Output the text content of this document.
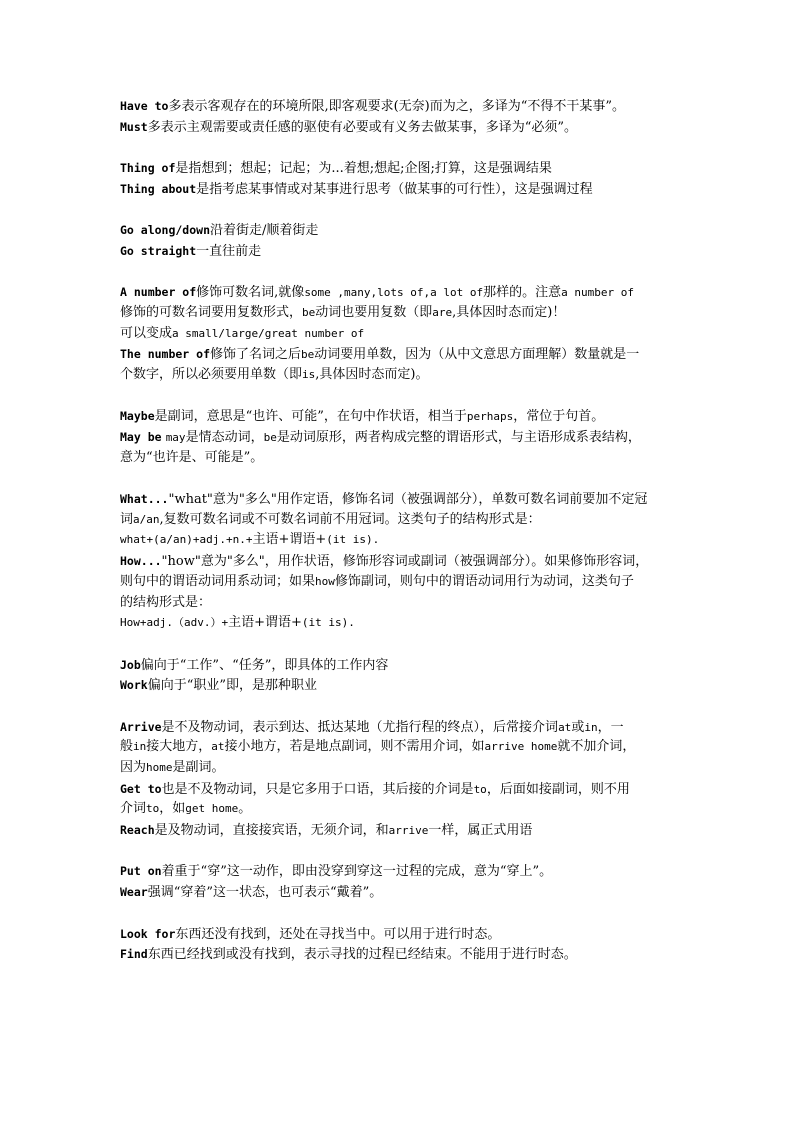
Have to多表示客观存在的环境所限,即客观要求(无奈)而为之，多译为“不得不干某事”。
Must多表示主观需要或责任感的驱使有必要或有义务去做某事，多译为“必须”。
Thing of是指想到；想起；记起；为...着想;想起;企图;打算，这是强调结果
Thing about是指考虑某事情或对某事进行思考（做某事的可行性），这是强调过程
Go along/down沿着街走/顺着街走
Go straight一直往前走
A number of修饰可数名词,就像some ,many,lots of,a lot of那样的。注意a number of
修饰的可数名词要用复数形式，be动词也要用复数（即are,具体因时态而定)！
可以变成a small/large/great number of
The number of修饰了名词之后be动词要用单数，因为（从中文意思方面理解）数量就是一
个数字，所以必须要用单数（即is,具体因时态而定)。
Maybe是副词，意思是“也许、可能”，在句中作状语，相当于perhaps，常位于句首。
May be may是情态动词，be是动词原形，两者构成完整的谓语形式，与主语形成系表结构，
意为“也许是、可能是”。
What..."what"意为"多么"用作定语，修饰名词（被强调部分），单数可数名词前要加不定冠
词a/an,复数可数名词或不可数名词前不用冠词。这类句子的结构形式是：
what+(a/an)+adj.+n.+主语+谓语+(it is).
How..."how"意为"多么"，用作状语，修饰形容词或副词（被强调部分）。如果修饰形容词，
则句中的谓语动词用系动词；如果how修饰副词，则句中的谓语动词用行为动词，这类句子
的结构形式是：
How+adj.（adv.）+主语+谓语+(it is).
Job偏向于“工作”、“任务”，即具体的工作内容
Work偏向于“职业”即，是那种职业
Arrive是不及物动词，表示到达、抵达某地（尤指行程的终点），后常接介词at或in，一
般in接大地方，at接小地方，若是地点副词，则不需用介词，如arrive home就不加介词，
因为home是副词。
Get to也是不及物动词，只是它多用于口语，其后接的介词是to，后面如接副词，则不用
介词to，如get home。
Reach是及物动词，直接接宾语，无须介词，和arrive一样，属正式用语
Put on着重于“穿”这一动作，即由没穿到穿这一过程的完成，意为“穿上”。
Wear强调“穿着”这一状态，也可表示“戴着”。
Look for东西还没有找到，还处在寻找当中。可以用于进行时态。
Find东西已经找到或没有找到，表示寻找的过程已经结束。不能用于进行时态。
